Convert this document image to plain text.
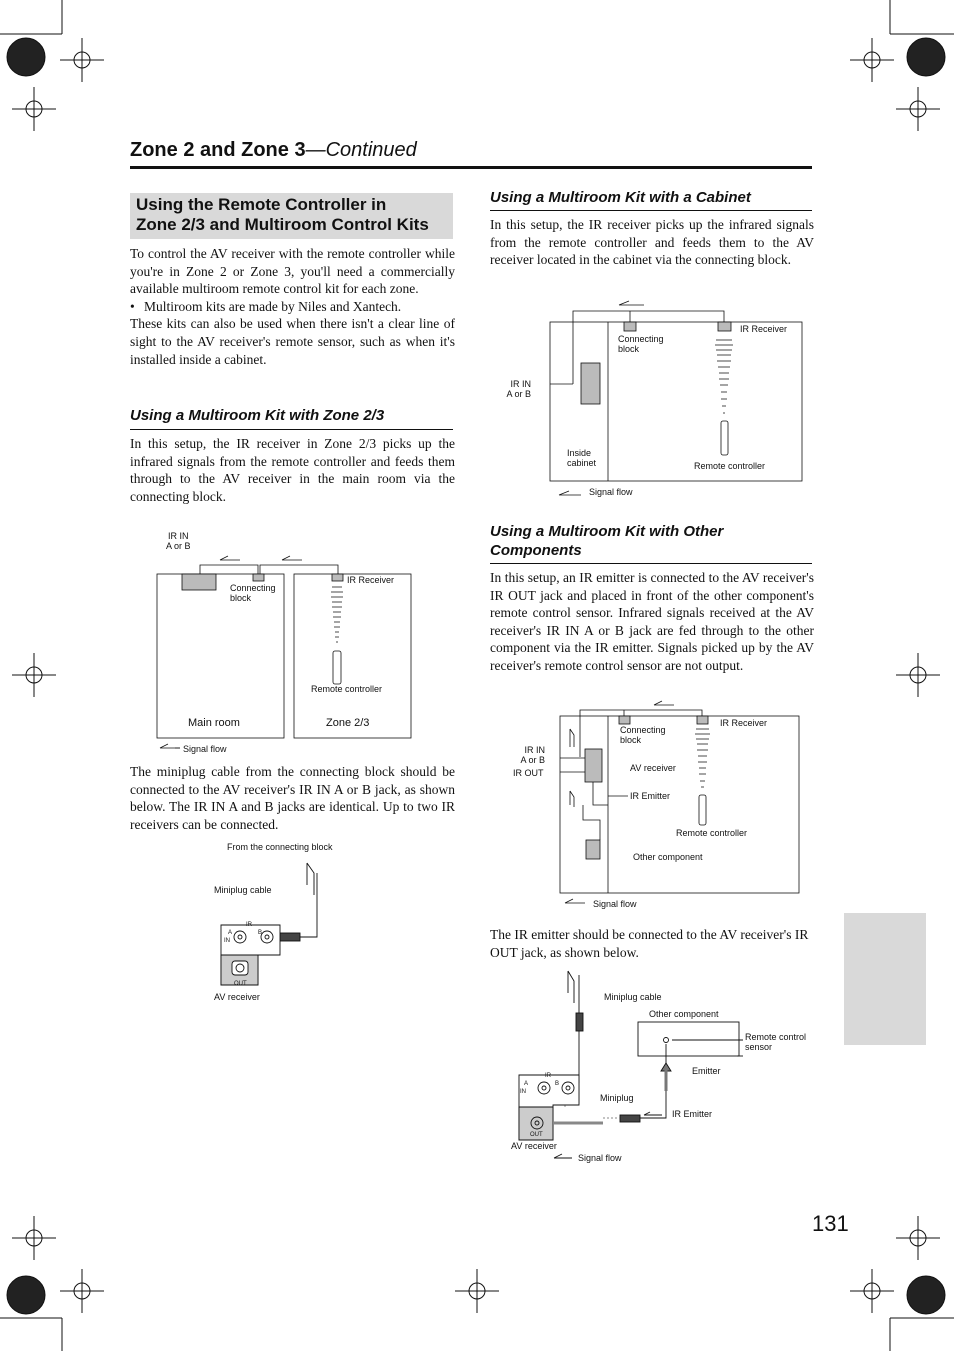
Zone 2 and Zone 3—Continued
Using the Remote Controller in
Zone 2/3 and Multiroom Control Kits
To control the AV receiver with the remote controller while you're in Zone 2 or Zone 3, you'll need a commercially available multiroom remote control kit for each zone.
• Multiroom kits are made by Niles and Xantech.
These kits can also be used when there isn't a clear line of sight to the AV receiver's remote sensor, such as when it's installed inside a cabinet.
Using a Multiroom Kit with Zone 2/3
In this setup, the IR receiver in Zone 2/3 picks up the infrared signals from the remote controller and feeds them through to the AV receiver in the main room via the connecting block.
IR IN
A or B
Connecting
block
IR Receiver
Remote controller
Main room	Zone 2/3
Signal flow
The miniplug cable from the connecting block should be connected to the AV receiver's IR IN A or B jack, as shown below. The IR IN A and B jacks are identical. Up to two IR receivers can be connected.
From the connecting block
Miniplug cable
IR
A	B
IN
OUT
AV receiver
Using a Multiroom Kit with a Cabinet
In this setup, the IR receiver picks up the infrared signals from the remote controller and feeds them to the AV receiver located in the cabinet via the connecting block.
Connecting
block
IR Receiver
IR IN
A or B
Inside
cabinet	Remote controller
Signal flow
Using a Multiroom Kit with Other
Components
In this setup, an IR emitter is connected to the AV receiver's IR OUT jack and placed in front of the other component's remote control sensor. Infrared signals received at the AV receiver's IR IN A or B jack are fed through to the other component via the IR emitter. Signals picked up by the AV receiver's remote control sensor are not output.
Connecting
block
IR Receiver
IR IN
A or B
IR OUT	AV receiver
IR Emitter
Remote controller
Other component
Signal flow
The IR emitter should be connected to the AV receiver's IR OUT jack, as shown below.
Miniplug cable
Other component
Remote control
sensor
Emitter
Miniplug
IR Emitter
IR
A	B
IN
OUT
AV receiver
Signal flow
131
